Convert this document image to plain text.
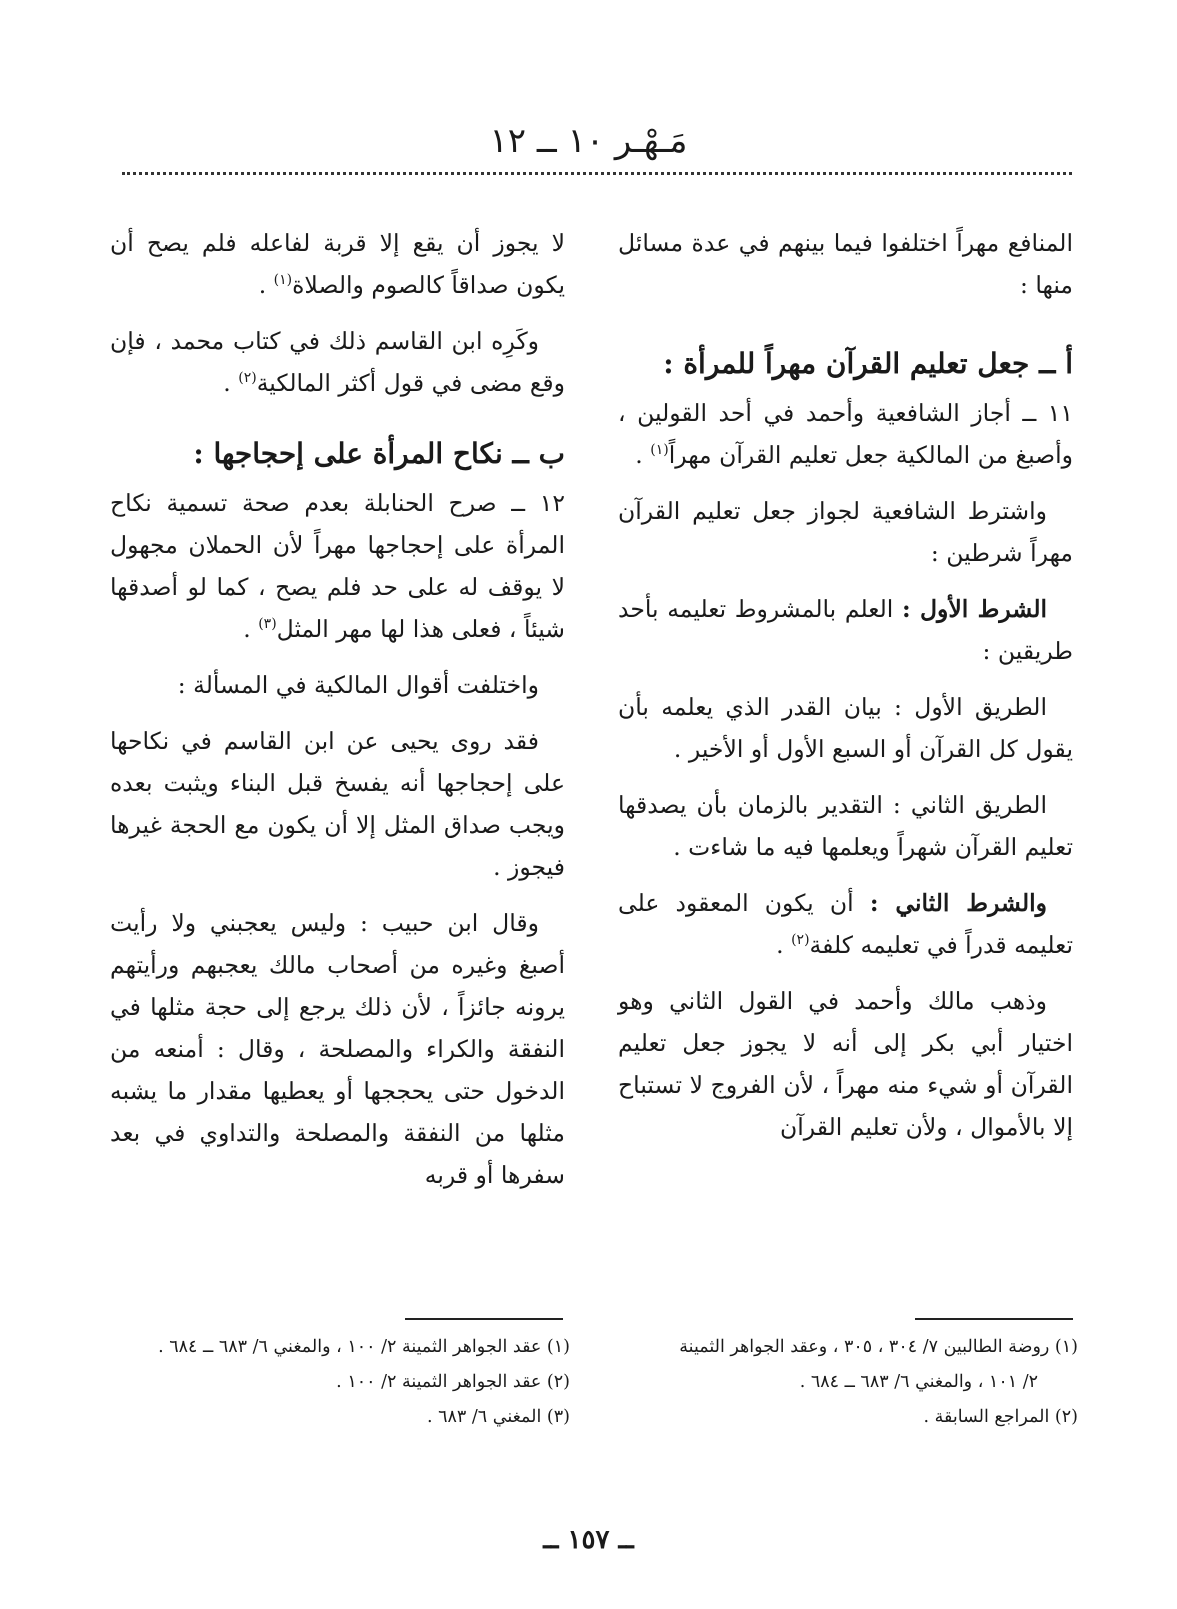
مَـهْـر ١٠ ــ ١٢

المنافع مهراً اختلفوا فيما بينهم في عدة مسائل منها :

أ ــ جعل تعليم القرآن مهراً للمرأة :

١١ ــ أجاز الشافعية وأحمد في أحد القولين ، وأصبغ من المالكية جعل تعليم القرآن مهراً$^{(١)}$ .

واشترط الشافعية لجواز جعل تعليم القرآن مهراً شرطين :

الشرط الأول : العلم بالمشروط تعليمه بأحد طريقين :

الطريق الأول : بيان القدر الذي يعلمه بأن يقول كل القرآن أو السبع الأول أو الأخير .

الطريق الثاني : التقدير بالزمان بأن يصدقها تعليم القرآن شهراً ويعلمها فيه ما شاءت .

والشرط الثاني : أن يكون المعقود على تعليمه قدراً في تعليمه كلفة$^{(٢)}$ .

وذهب مالك وأحمد في القول الثاني وهو اختيار أبي بكر إلى أنه لا يجوز جعل تعليم القرآن أو شيء منه مهراً ، لأن الفروج لا تستباح إلا بالأموال ، ولأن تعليم القرآن

لا يجوز أن يقع إلا قربة لفاعله فلم يصح أن يكون صداقاً كالصوم والصلاة$^{(١)}$ .

وكَرِه ابن القاسم ذلك في كتاب محمد ، فإن وقع مضى في قول أكثر المالكية$^{(٢)}$ .

ب ــ نكاح المرأة على إحجاجها :

١٢ ــ صرح الحنابلة بعدم صحة تسمية نكاح المرأة على إحجاجها مهراً لأن الحملان مجهول لا يوقف له على حد فلم يصح ، كما لو أصدقها شيئاً ، فعلى هذا لها مهر المثل$^{(٣)}$ .

واختلفت أقوال المالكية في المسألة :

فقد روى يحيى عن ابن القاسم في نكاحها على إحجاجها أنه يفسخ قبل البناء ويثبت بعده ويجب صداق المثل إلا أن يكون مع الحجة غيرها فيجوز .

وقال ابن حبيب : وليس يعجبني ولا رأيت أصبغ وغيره من أصحاب مالك يعجبهم ورأيتهم يرونه جائزاً ، لأن ذلك يرجع إلى حجة مثلها في النفقة والكراء والمصلحة ، وقال : أمنعه من الدخول حتى يحججها أو يعطيها مقدار ما يشبه مثلها من النفقة والمصلحة والتداوي في بعد سفرها أو قربه

(١) روضة الطالبين ٧/ ٣٠٤ ، ٣٠٥ ، وعقد الجواهر الثمينة
٢/ ١٠١ ، والمغني ٦/ ٦٨٣ ــ ٦٨٤ .
(٢) المراجع السابقة .
(١) عقد الجواهر الثمينة ٢/ ١٠٠ ، والمغني ٦/ ٦٨٣ ــ ٦٨٤ .
(٢) عقد الجواهر الثمينة ٢/ ١٠٠ .
(٣) المغني ٦/ ٦٨٣ .
ــ ١٥٧ ــ
